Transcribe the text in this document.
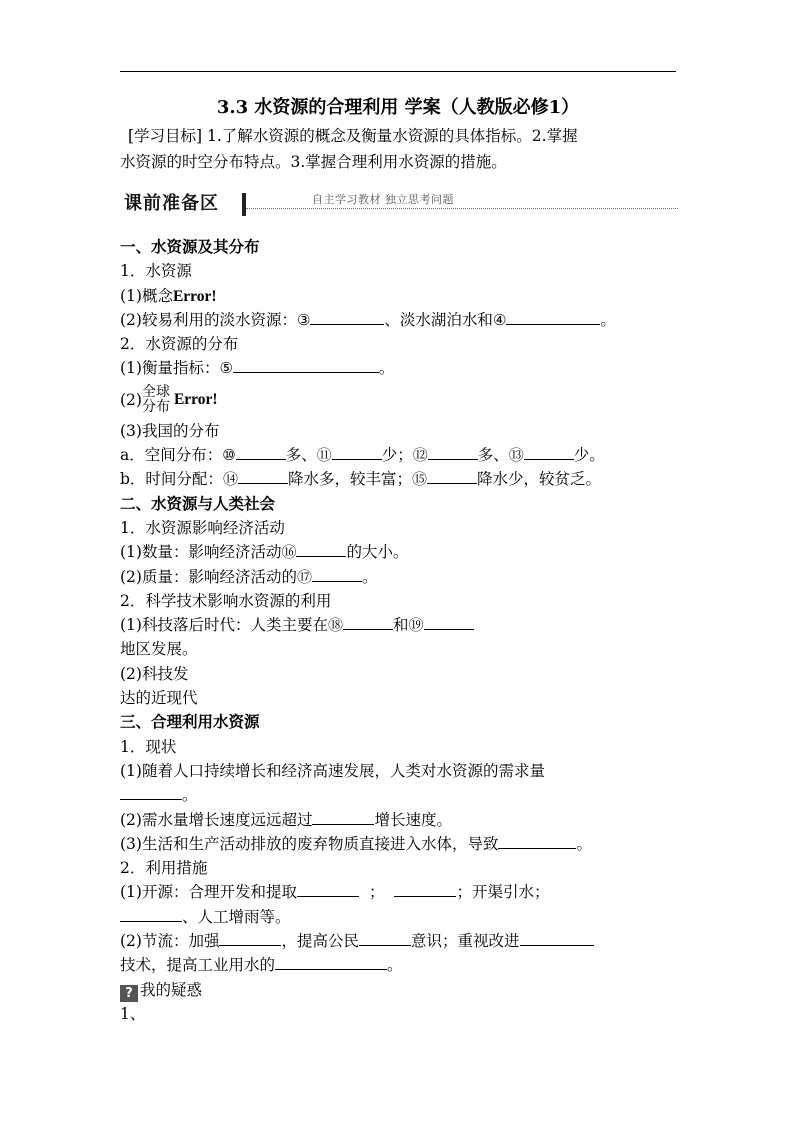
3.3 水资源的合理利用 学案（人教版必修1）
[学习目标] 1.了解水资源的概念及衡量水资源的具体指标。2.掌握
水资源的时空分布特点。3.掌握合理利用水资源的措施。
课前准备区	自主学习教材 独立思考问题
一、水资源及其分布
1．水资源
(1)概念Error!
(2)较易利用的淡水资源：③	、淡水湖泊水和④	。
2．水资源的分布
(1)衡量指标：⑤	。
(2) 全球
分布 Error!
(3)我国的分布
a．空间分布：⑩	多、⑪	少；⑫	多、⑬	少。
b．时间分配：⑭	降水多，较丰富；⑮	降水少，较贫乏。
二、水资源与人类社会
1．水资源影响经济活动
(1)数量：影响经济活动⑯	的大小。
(2)质量：影响经济活动的⑰	。
2．科学技术影响水资源的利用
(1)科技落后时代：人类主要在⑱	和⑲
地区发展。
(2)科技发
达的近现代
三、合理利用水资源
1．现状
(1)随着人口持续增长和经济高速发展，人类对水资源的需求量
。
(2)需水量增长速度远远超过	增长速度。
(3)生活和生产活动排放的废弃物质直接进入水体，导致	。
2．利用措施
(1)开源：合理开发和提取	；	；开渠引水；
、人工增雨等。
(2)节流：加强	，提高公民	意识；重视改进
技术，提高工业用水的	。
? 我的疑惑
1、
